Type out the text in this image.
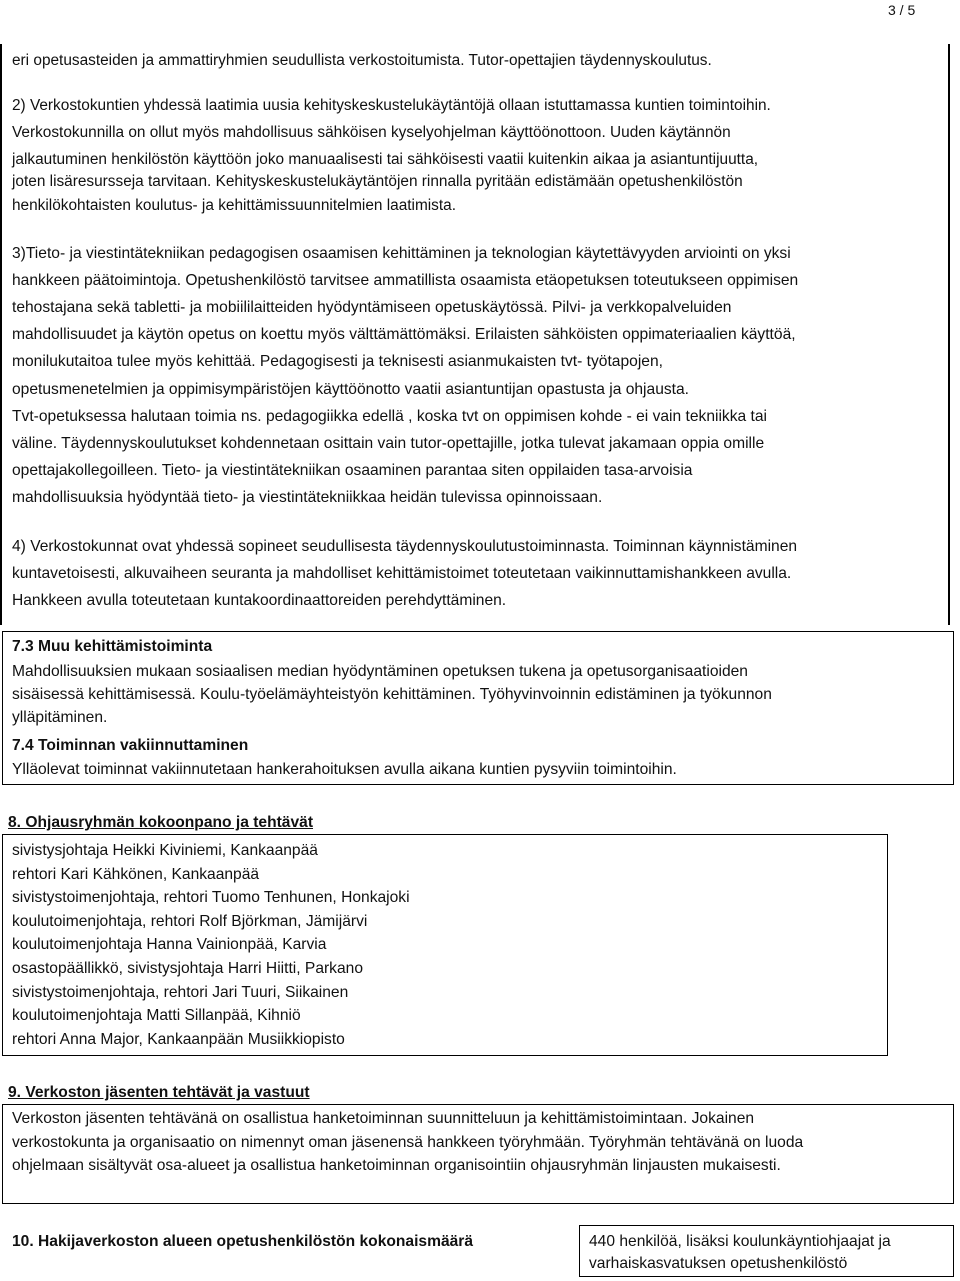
3 / 5
eri opetusasteiden ja ammattiryhmien seudullista verkostoitumista. Tutor-opettajien täydennyskoulutus.
2) Verkostokuntien yhdessä laatimia uusia kehityskeskustelukäytäntöjä ollaan istuttamassa kuntien toimintoihin.
Verkostokunnilla on ollut myös mahdollisuus sähköisen kyselyohjelman käyttöönottoon. Uuden käytännön
jalkautuminen henkilöstön käyttöön joko manuaalisesti tai sähköisesti vaatii kuitenkin aikaa ja asiantuntijuutta,
joten lisäresursseja tarvitaan. Kehityskeskustelukäytäntöjen rinnalla pyritään edistämään opetushenkilöstön
henkilökohtaisten koulutus- ja kehittämissuunnitelmien laatimista.
3)Tieto- ja viestintätekniikan pedagogisen osaamisen kehittäminen ja teknologian käytettävyyden arviointi on yksi
hankkeen päätoimintoja. Opetushenkilöstö tarvitsee ammatillista osaamista etäopetuksen toteutukseen oppimisen
tehostajana sekä tabletti- ja mobiililaitteiden hyödyntämiseen opetuskäytössä. Pilvi- ja verkkopalveluiden
mahdollisuudet ja käytön opetus on koettu myös välttämättömäksi. Erilaisten sähköisten oppimateriaalien käyttöä,
monilukutaitoa tulee myös kehittää. Pedagogisesti ja teknisesti asianmukaisten tvt- työtapojen,
opetusmenetelmien ja oppimisympäristöjen käyttöönotto vaatii asiantuntijan opastusta ja ohjausta.
Tvt-opetuksessa halutaan toimia ns. pedagogiikka edellä , koska tvt on oppimisen kohde - ei vain tekniikka tai
väline. Täydennyskoulutukset kohdennetaan osittain vain tutor-opettajille, jotka tulevat jakamaan oppia omille
opettajakollegoilleen. Tieto- ja viestintätekniikan osaaminen parantaa siten oppilaiden tasa-arvoisia
mahdollisuuksia hyödyntää tieto- ja viestintätekniikkaa heidän tulevissa opinnoissaan.
4) Verkostokunnat ovat yhdessä sopineet seudullisesta täydennyskoulutustoiminnasta. Toiminnan käynnistäminen
kuntavetoisesti, alkuvaiheen seuranta ja mahdolliset kehittämistoimet toteutetaan vaikinnuttamishankkeen avulla.
Hankkeen avulla toteutetaan kuntakoordinaattoreiden perehdyttäminen.
7.3 Muu kehittämistoiminta
Mahdollisuuksien mukaan sosiaalisen median hyödyntäminen opetuksen tukena ja opetusorganisaatioiden
sisäisessä kehittämisessä. Koulu-työelämäyhteistyön kehittäminen. Työhyvinvoinnin edistäminen ja työkunnon
ylläpitäminen.
7.4 Toiminnan vakiinnuttaminen
Ylläolevat toiminnat vakiinnutetaan hankerahoituksen avulla aikana kuntien pysyviin toimintoihin.
8. Ohjausryhmän kokoonpano ja tehtävät
sivistysjohtaja Heikki Kiviniemi, Kankaanpää
rehtori Kari Kähkönen, Kankaanpää
sivistystoimenjohtaja, rehtori Tuomo Tenhunen, Honkajoki
koulutoimenjohtaja, rehtori Rolf Björkman, Jämijärvi
koulutoimenjohtaja Hanna Vainionpää, Karvia
osastopäällikkö, sivistysjohtaja Harri Hiitti, Parkano
sivistystoimenjohtaja, rehtori Jari Tuuri, Siikainen
koulutoimenjohtaja Matti Sillanpää, Kihniö
rehtori Anna Major, Kankaanpään Musiikkiopisto
9. Verkoston jäsenten tehtävät ja vastuut
Verkoston jäsenten tehtävänä on osallistua hanketoiminnan suunnitteluun ja kehittämistoimintaan. Jokainen
verkostokunta ja organisaatio on nimennyt oman jäsenensä hankkeen työryhmään. Työryhmän tehtävänä on luoda
ohjelmaan sisältyvät osa-alueet ja osallistua hanketoiminnan organisointiin ohjausryhmän linjausten mukaisesti.
10. Hakijaverkoston alueen opetushenkilöstön kokonaismäärä	440 henkilöä, lisäksi koulunkäyntiohjaajat ja
varhaiskasvatuksen opetushenkilöstö
